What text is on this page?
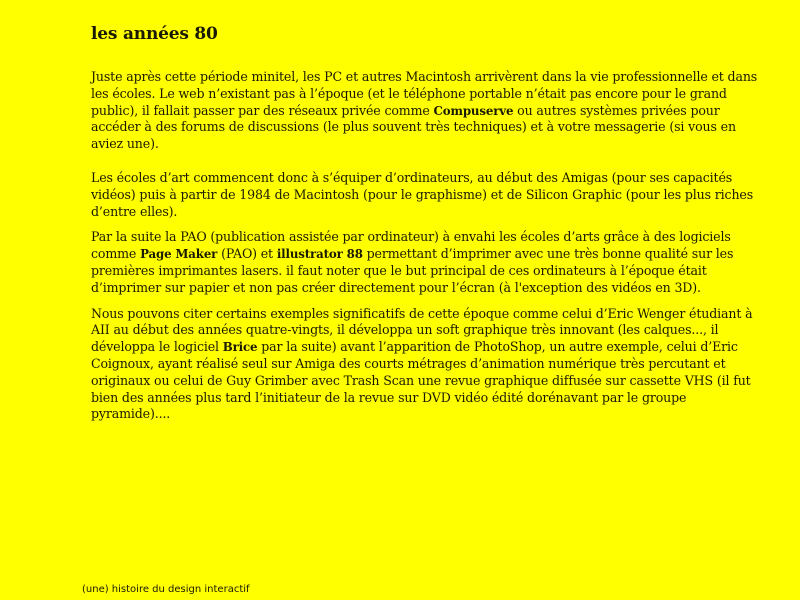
les années 80

Juste après cette période minitel, les PC et autres Macintosh arrivèrent dans la vie professionnelle et dans les écoles. Le web n’existant pas à l’époque (et le téléphone portable n’était pas encore pour le grand public), il fallait passer par des réseaux privée comme Compuserve ou autres systèmes privées pour accéder à des forums de discussions (le plus souvent très techniques) et à votre messagerie (si vous en aviez une).

Les écoles d’art commencent donc à s’équiper d’ordinateurs, au début des Amigas (pour ses capacités vidéos) puis à partir de 1984 de Macintosh (pour le graphisme) et de Silicon Graphic (pour les plus riches d’entre elles).

Par la suite la PAO (publication assistée par ordinateur) à envahi les écoles d’arts grâce à des logiciels comme Page Maker (PAO) et illustrator 88 permettant d’imprimer avec une très bonne qualité sur les premières imprimantes lasers. il faut noter que le but principal de ces ordinateurs à l’époque était d’imprimer sur papier et non pas créer directement pour l’écran (à l'exception des vidéos en 3D).

Nous pouvons citer certains exemples significatifs de cette époque comme celui d’Eric Wenger étudiant à AII au début des années quatre-vingts, il développa un soft graphique très innovant (les calques..., il développa le logiciel Brice par la suite) avant l’apparition de PhotoShop, un autre exemple, celui d’Eric Coignoux, ayant réalisé seul sur Amiga des courts métrages d’animation numérique très percutant et originaux ou celui de Guy Grimber avec Trash Scan une revue graphique diffusée sur cassette VHS (il fut bien des années plus tard l’initiateur de la revue sur DVD vidéo édité dorénavant par le groupe pyramide)....

(une) histoire du design interactif
